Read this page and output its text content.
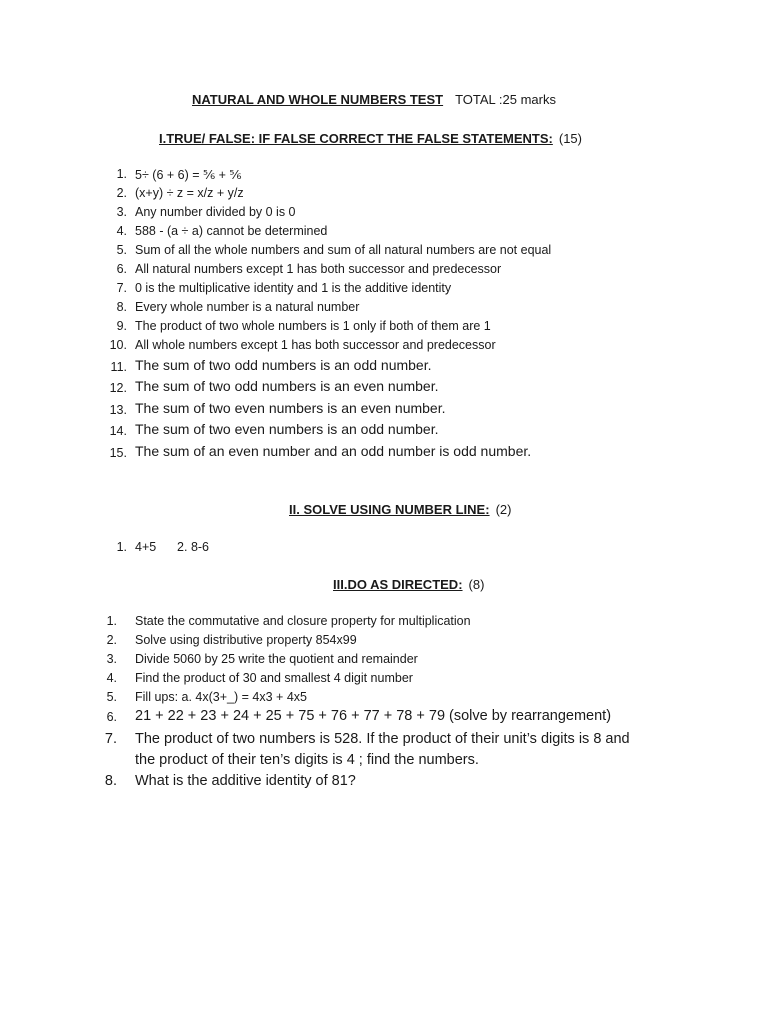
NATURAL AND WHOLE NUMBERS TEST TOTAL :25 marks
I.TRUE/ FALSE: IF FALSE CORRECT THE FALSE STATEMENTS: (15)
1. 5÷ (6 + 6) = ⅚ + ⅚
2. (x+y) ÷ z = x/z + y/z
3. Any number divided by 0 is 0
4. 588 - (a ÷ a) cannot be determined
5. Sum of all the whole numbers and sum of all natural numbers are not equal
6. All natural numbers except 1 has both successor and predecessor
7. 0 is the multiplicative identity and 1 is the additive identity
8. Every whole number is a natural number
9. The product of two whole numbers is 1 only if both of them are 1
10. All whole numbers except 1 has both successor and predecessor
11. The sum of two odd numbers is an odd number.
12. The sum of two odd numbers is an even number.
13. The sum of two even numbers is an even number.
14. The sum of two even numbers is an odd number.
15. The sum of an even number and an odd number is odd number.
II. SOLVE USING NUMBER LINE: (2)
1. 4+5      2. 8-6
III.DO AS DIRECTED: (8)
1. State the commutative and closure property for multiplication
2. Solve using distributive property 854x99
3. Divide 5060 by 25 write the quotient and remainder
4. Find the product of 30 and smallest 4 digit number
5. Fill ups: a. 4x(3+_) = 4x3 + 4x5
6. 21 + 22 + 23 + 24 + 25 + 75 + 76 + 77 + 78 + 79 (solve by rearrangement)
7. The product of two numbers is 528. If the product of their unit’s digits is 8 and
the product of their ten’s digits is 4 ; find the numbers.
8. What is the additive identity of 81?
